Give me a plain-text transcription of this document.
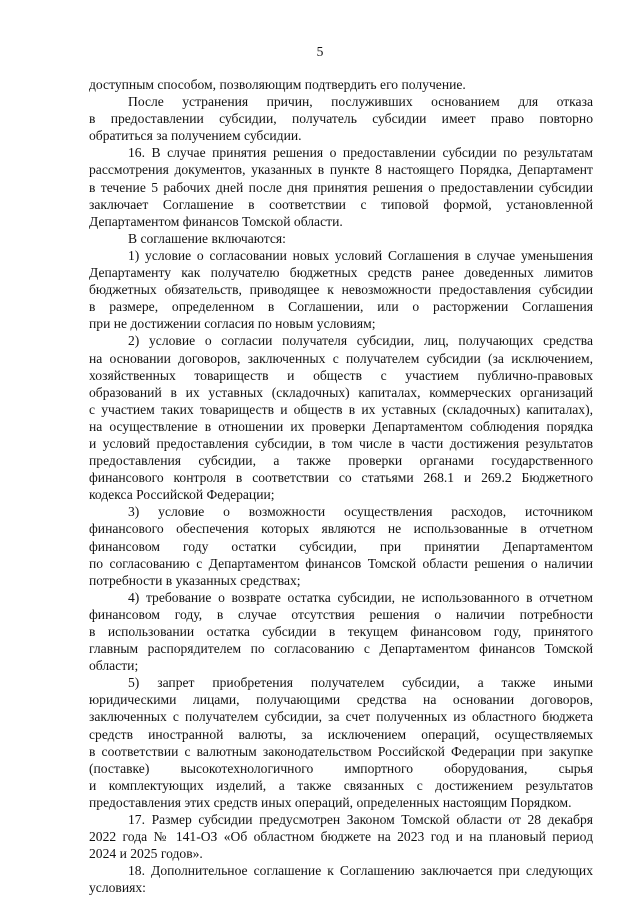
5
доступным способом, позволяющим подтвердить его получение.
После устранения причин, послуживших основанием для отказа
в предоставлении субсидии, получатель субсидии имеет право повторно
обратиться за получением субсидии.
16. В случае принятия решения о предоставлении субсидии по результатам
рассмотрения документов, указанных в пункте 8 настоящего Порядка, Департамент
в течение 5 рабочих дней после дня принятия решения о предоставлении субсидии
заключает Соглашение в соответствии с типовой формой, установленной
Департаментом финансов Томской области.
В соглашение включаются:
1) условие о согласовании новых условий Соглашения в случае уменьшения
Департаменту как получателю бюджетных средств ранее доведенных лимитов
бюджетных обязательств, приводящее к невозможности предоставления субсидии
в размере, определенном в Соглашении, или о расторжении Соглашения
при не достижении согласия по новым условиям;
2) условие о согласии получателя субсидии, лиц, получающих средства
на основании договоров, заключенных с получателем субсидии (за исключением,
хозяйственных товариществ и обществ с участием публично-правовых
образований в их уставных (складочных) капиталах, коммерческих организаций
с участием таких товариществ и обществ в их уставных (складочных) капиталах),
на осуществление в отношении их проверки Департаментом соблюдения порядка
и условий предоставления субсидии, в том числе в части достижения результатов
предоставления субсидии, а также проверки органами государственного
финансового контроля в соответствии со статьями 268.1 и 269.2 Бюджетного
кодекса Российской Федерации;
3) условие о возможности осуществления расходов, источником
финансового обеспечения которых являются не использованные в отчетном
финансовом году остатки субсидии, при принятии Департаментом
по согласованию с Департаментом финансов Томской области решения о наличии
потребности в указанных средствах;
4) требование о возврате остатка субсидии, не использованного в отчетном
финансовом году, в случае отсутствия решения о наличии потребности
в использовании остатка субсидии в текущем финансовом году, принятого
главным распорядителем по согласованию с Департаментом финансов Томской
области;
5) запрет приобретения получателем субсидии, а также иными
юридическими лицами, получающими средства на основании договоров,
заключенных с получателем субсидии, за счет полученных из областного бюджета
средств иностранной валюты, за исключением операций, осуществляемых
в соответствии с валютным законодательством Российской Федерации при закупке
(поставке) высокотехнологичного импортного оборудования, сырья
и комплектующих изделий, а также связанных с достижением результатов
предоставления этих средств иных операций, определенных настоящим Порядком.
17. Размер субсидии предусмотрен Законом Томской области от 28 декабря
2022 года № 141-ОЗ «Об областном бюджете на 2023 год и на плановый период
2024 и 2025 годов».
18. Дополнительное соглашение к Соглашению заключается при следующих
условиях:
